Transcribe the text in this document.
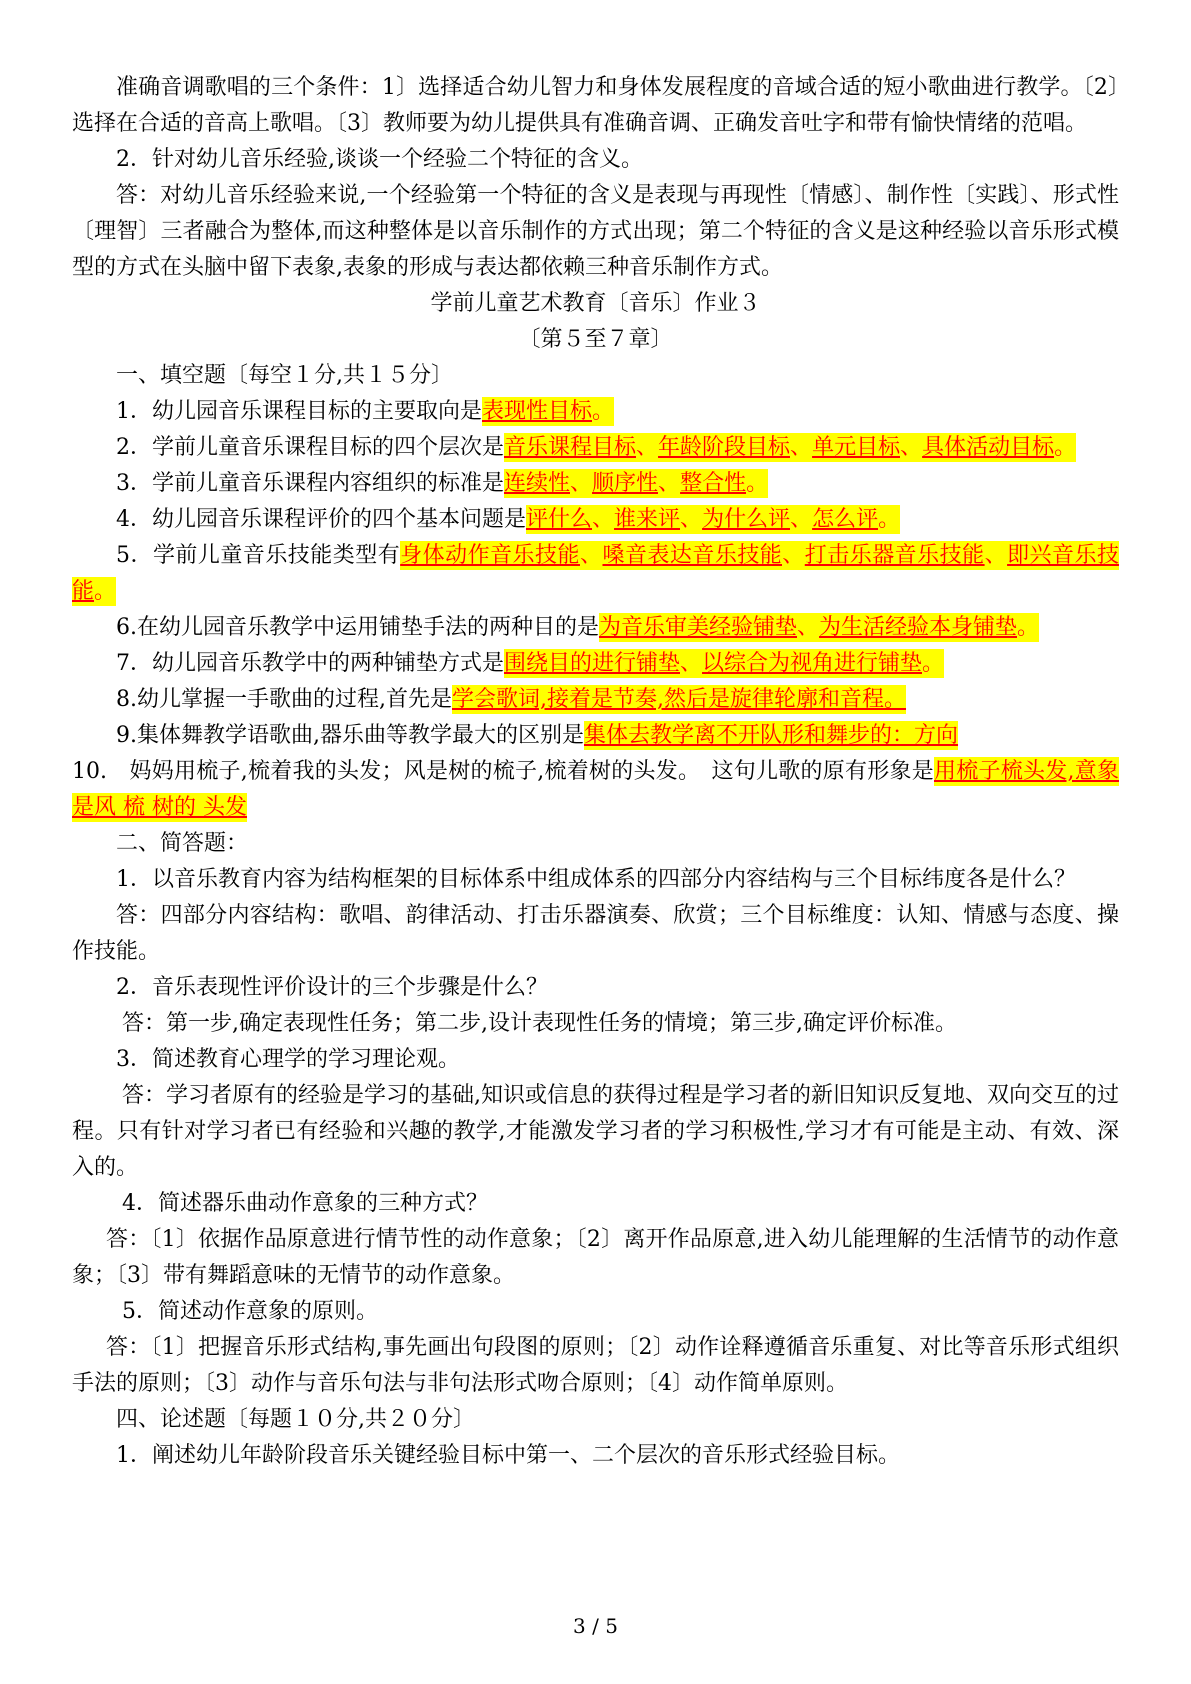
准确音调歌唱的三个条件：1〕选择适合幼儿智力和身体发展程度的音域合适的短小歌曲进行教学。〔2〕选择在合适的音高上歌唱。〔3〕教师要为幼儿提供具有准确音调、正确发音吐字和带有愉快情绪的范唱。

2．针对幼儿音乐经验,谈谈一个经验二个特征的含义。

答：对幼儿音乐经验来说,一个经验第一个特征的含义是表现与再现性〔情感〕、制作性〔实践〕、形式性〔理智〕三者融合为整体,而这种整体是以音乐制作的方式出现；第二个特征的含义是这种经验以音乐形式模型的方式在头脑中留下表象,表象的形成与表达都依赖三种音乐制作方式。

学前儿童艺术教育〔音乐〕作业３

〔第５至７章〕

一、填空题〔每空１分,共１５分〕

1．幼儿园音乐课程目标的主要取向是表现性目标。

2．学前儿童音乐课程目标的四个层次是音乐课程目标、年龄阶段目标、单元目标、具体活动目标。

3．学前儿童音乐课程内容组织的标准是连续性、顺序性、整合性。

4．幼儿园音乐课程评价的四个基本问题是评什么、谁来评、为什么评、怎么评。

5．学前儿童音乐技能类型有身体动作音乐技能、嗓音表达音乐技能、打击乐器音乐技能、即兴音乐技能。

6.在幼儿园音乐教学中运用铺垫手法的两种目的是为音乐审美经验铺垫、为生活经验本身铺垫。

7．幼儿园音乐教学中的两种铺垫方式是围绕目的进行铺垫、以综合为视角进行铺垫。

8.幼儿掌握一手歌曲的过程,首先是学会歌词,接着是节奏,然后是旋律轮廓和音程。

9.集体舞教学语歌曲,器乐曲等教学最大的区别是集体去教学离不开队形和舞步的：方向

10.　妈妈用梳子,梳着我的头发；风是树的梳子,梳着树的头发。　这句儿歌的原有形象是用梳子梳头发,意象是风 梳 树的 头发

二、简答题：

1．以音乐教育内容为结构框架的目标体系中组成体系的四部分内容结构与三个目标纬度各是什么？

答：四部分内容结构：歌唱、韵律活动、打击乐器演奏、欣赏；三个目标维度：认知、情感与态度、操作技能。

2．音乐表现性评价设计的三个步骤是什么？

答：第一步,确定表现性任务；第二步,设计表现性任务的情境；第三步,确定评价标准。

3．简述教育心理学的学习理论观。

答：学习者原有的经验是学习的基础,知识或信息的获得过程是学习者的新旧知识反复地、双向交互的过程。只有针对学习者已有经验和兴趣的教学,才能激发学习者的学习积极性,学习才有可能是主动、有效、深入的。

4．简述器乐曲动作意象的三种方式？

答：〔1〕依据作品原意进行情节性的动作意象；〔2〕离开作品原意,进入幼儿能理解的生活情节的动作意象；〔3〕带有舞蹈意味的无情节的动作意象。

5．简述动作意象的原则。

答：〔1〕把握音乐形式结构,事先画出句段图的原则；〔2〕动作诠释遵循音乐重复、对比等音乐形式组织手法的原则；〔3〕动作与音乐句法与非句法形式吻合原则；〔4〕动作简单原则。

四、论述题〔每题１０分,共２０分〕

1．阐述幼儿年龄阶段音乐关键经验目标中第一、二个层次的音乐形式经验目标。

3 / 5
